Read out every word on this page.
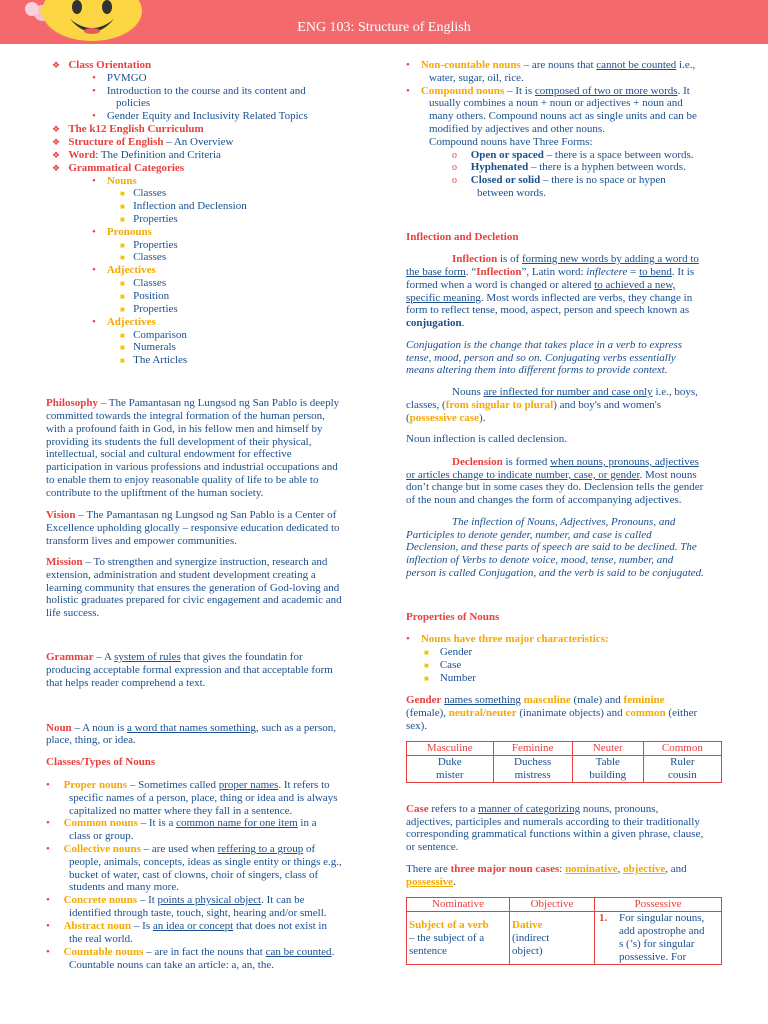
ENG 103: Structure of English
❖ Class Orientation
• PVMGO
• Introduction to the course and its content and
policies
• Gender Equity and Inclusivity Related Topics
❖ The k12 English Curriculum
❖ Structure of English – An Overview
❖ Word: The Definition and Criteria
❖ Grammatical Categories
• Nouns
■ Classes
■ Inflection and Declension
■ Properties
• Pronouns
■ Properties
■ Classes
• Adjectives
■ Classes
■ Position
■ Properties
• Adjectives
■ Comparison
■ Numerals
■ The Articles
Philosophy – The Pamantasan ng Lungsod ng San Pablo is deeply
committed towards the integral formation of the human person,
with a profound faith in God, in his fellow men and himself by
providing its students the full development of their physical,
intellectual, social and cultural endowment for effective
participation in various professions and industrial occupations and
to enable them to enjoy reasonable quality of life to be able to
contribute to the upliftment of the human society.
Vision – The Pamantasan ng Lungsod ng San Pablo is a Center of
Excellence upholding glocally – responsive education dedicated to
transform lives and empower communities.
Mission – To strengthen and synergize instruction, research and
extension, administration and student development creating a
learning community that ensures the generation of God-loving and
holistic graduates prepared for civic engagement and academic and
life success.
Grammar – A system of rules that gives the foundatin for
producing acceptable formal expression and that acceptable form
that helps reader comprehend a text.
Noun – A noun is a word that names something, such as a person,
place, thing, or idea.
Classes/Types of Nouns
• Proper nouns – Sometimes called proper names. It refers to
specific names of a person, place, thing or idea and is always
capitalized no matter where they fall in a sentence.
• Common nouns – It is a common name for one item in a
class or group.
• Collective nouns – are used when reffering to a group of
people, animals, concepts, ideas as single entity or things e.g.,
bucket of water, cast of clowns, choir of singers, class of
students and many more.
• Concrete nouns – It points a physical object. It can be
identified through taste, touch, sight, hearing and/or smell.
• Abstract noun – Is an idea or concept that does not exist in
the real world.
• Countable nouns – are in fact the nouns that can be counted.
Countable nouns can take an article: a, an, the.
• Non-countable nouns – are nouns that cannot be counted i.e.,
water, sugar, oil, rice.
• Compound nouns – It is composed of two or more words. It
usually combines a noun + noun or adjectives + noun and
many others. Compound nouns act as single units and can be
modified by adjectives and other nouns.
Compound nouns have Three Forms:
o Open or spaced – there is a space between words.
o Hyphenated – there is a hyphen between words.
o Closed or solid – there is no space or hypen
between words.
Inflection and Decletion
Inflection is of forming new words by adding a word to
the base form. “Inflection”, Latin word: inflectere = to bend. It is
formed when a word is changed or altered to achieved a new,
specific meaning. Most words inflected are verbs, they change in
form to reflect tense, mood, aspect, person and speech known as
conjugation.
Conjugation is the change that takes place in a verb to express
tense, mood, person and so on. Conjugating verbs essentially
means altering them into different forms to provide context.
Nouns are inflected for number and case only i.e., boys,
classes, (from singular to plural) and boy's and women's
(possessive case).
Noun inflection is called declension.
Declension is formed when nouns, pronouns, adjectives
or articles change to indicate number, case, or gender. Most nouns
don’t change but in some cases they do. Declension tells the gender
of the noun and changes the form of accompanying adjectives.
The inflection of Nouns, Adjectives, Pronouns, and
Participles to denote gender, number, and case is called
Declension, and these parts of speech are said to be declined. The
inflection of Verbs to denote voice, mood, tense, number, and
person is called Conjugation, and the verb is said to be conjugated.
Properties of Nouns
• Nouns have three major characteristics:
■ Gender
■ Case
■ Number
Gender names something masculine (male) and feminine
(female), neutral/neuter (inanimate objects) and common (either
sex).
Masculine	Feminine	Neuter	Common
Duke
mister	Duchess
mistress	Table
building	Ruler
cousin
Case refers to a manner of categorizing nouns, pronouns,
adjectives, participles and numerals according to their traditionally
corresponding grammatical functions within a given phrase, clause,
or sentence.
There are three major noun cases: nominative, objective, and
possessive.
Nominative	Objective	Possessive
Subject of a verb
– the subject of a
sentence	Dative
(indirect
object)	1. For singular nouns,
add apostrophe and
s (’s) for singular
possessive. For
